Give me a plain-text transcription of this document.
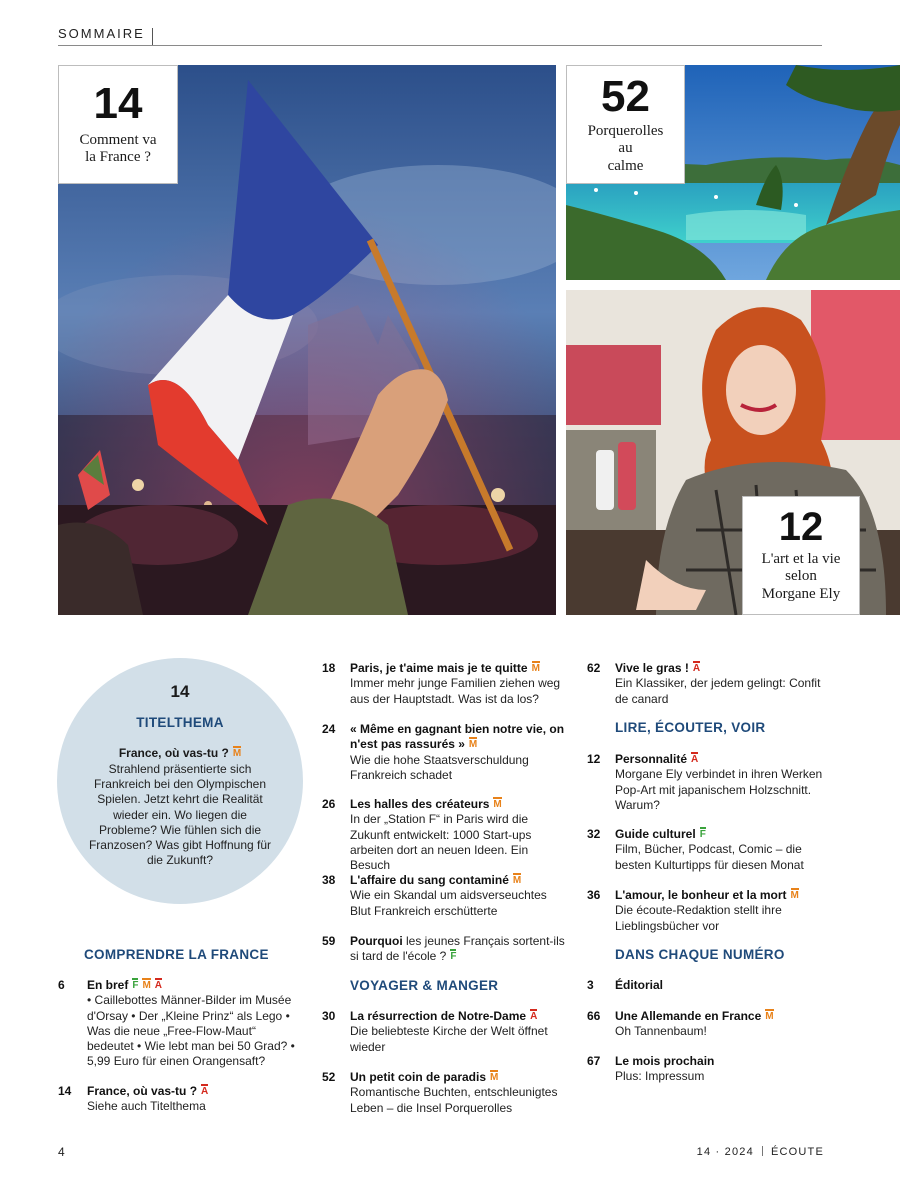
SOMMAIRE
14
Comment va
la France ?
52
Porquerolles
au
calme
12
L'art et la vie
selon
Morgane Ely
14
TITELTHEMA
France, où vas-tu ? M
Strahlend präsentierte sich Frankreich bei den Olympischen Spielen. Jetzt kehrt die Realität wieder ein. Wo liegen die Probleme? Wie fühlen sich die Franzosen? Was gibt Hoffnung für die Zukunft?
COMPRENDRE LA FRANCE
6 En bref F M A
• Caillebottes Männer-Bilder im Musée d'Orsay • Der „Kleine Prinz“ als Lego • Was die neue „Free-Flow-Maut“ bedeutet • Wie lebt man bei 50 Grad? • 5,99 Euro für einen Orangensaft?
14 France, où vas-tu ? A
Siehe auch Titelthema
18 Paris, je t'aime mais je te quitte M
Immer mehr junge Familien ziehen weg aus der Hauptstadt. Was ist da los?
24 « Même en gagnant bien notre vie, on n'est pas rassurés » M
Wie die hohe Staatsverschuldung Frankreich schadet
26 Les halles des créateurs M
In der „Station F“ in Paris wird die Zukunft entwickelt: 1000 Start-ups arbeiten dort an neuen Ideen. Ein Besuch
38 L'affaire du sang contaminé M
Wie ein Skandal um aidsverseuchtes Blut Frankreich erschütterte
59 Pourquoi les jeunes Français sortent-ils si tard de l'école ? F
VOYAGER & MANGER
30 La résurrection de Notre-Dame A
Die beliebteste Kirche der Welt öffnet wieder
52 Un petit coin de paradis M
Romantische Buchten, entschleunigtes Leben – die Insel Porquerolles
62 Vive le gras ! A
Ein Klassiker, der jedem gelingt: Confit de canard
LIRE, ÉCOUTER, VOIR
12 Personnalité A
Morgane Ely verbindet in ihren Werken Pop-Art mit japanischem Holzschnitt. Warum?
32 Guide culturel F
Film, Bücher, Podcast, Comic – die besten Kulturtipps für diesen Monat
36 L'amour, le bonheur et la mort M
Die écoute-Redaktion stellt ihre Lieblingsbücher vor
DANS CHAQUE NUMÉRO
3 Éditorial
66 Une Allemande en France M
Oh Tannenbaum!
67 Le mois prochain
Plus: Impressum
4	14 · 2024 ÉCOUTE
